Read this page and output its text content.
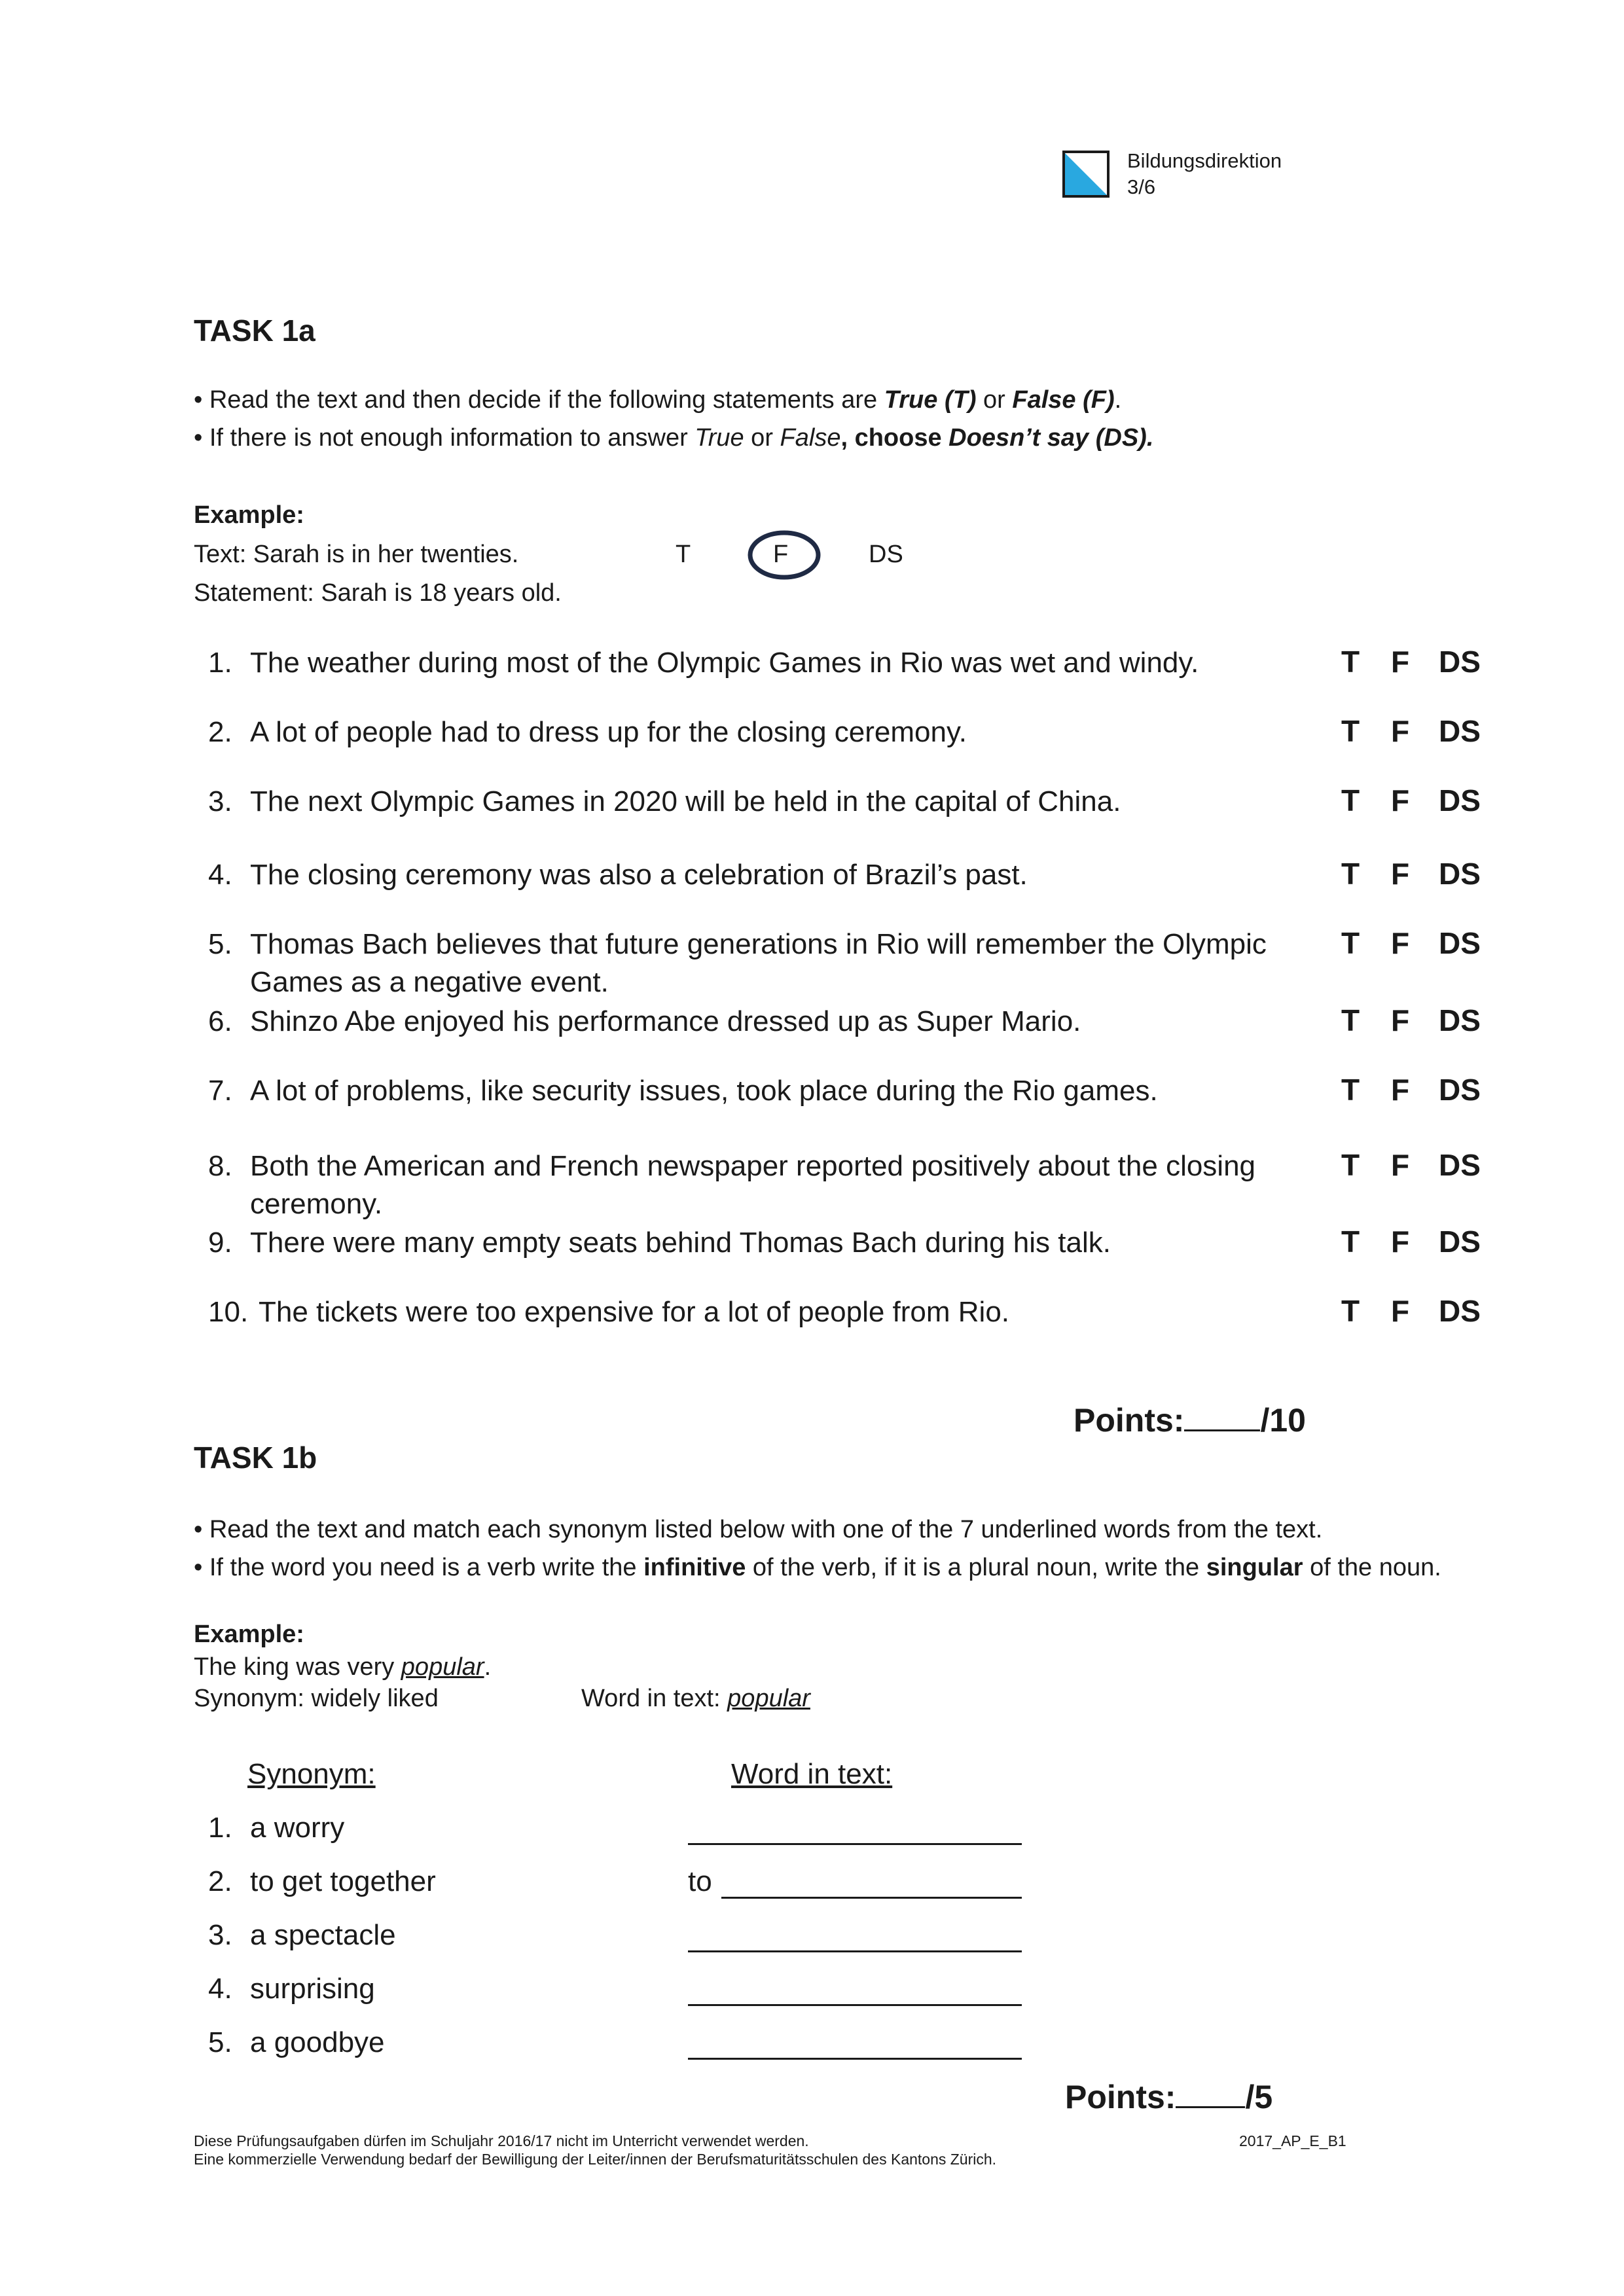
Bildungsdirektion
3/6
TASK 1a
• Read the text and then decide if the following statements are True (T) or False (F).
• If there is not enough information to answer True or False, choose Doesn’t say (DS).
Example:
Text: Sarah is in her twenties.
Statement: Sarah is 18 years old.
T	F	DS
1. The weather during most of the Olympic Games in Rio was wet and windy.	T F DS
2. A lot of people had to dress up for the closing ceremony.	T F DS
3. The next Olympic Games in 2020 will be held in the capital of China.	T F DS
4. The closing ceremony was also a celebration of Brazil’s past.	T F DS
5. Thomas Bach believes that future generations in Rio will remember the Olympic
Games as a negative event.
T F DS
6. Shinzo Abe enjoyed his performance dressed up as Super Mario.	T F DS
7. A lot of problems, like security issues, took place during the Rio games.	T F DS
8. Both the American and French newspaper reported positively about the closing
ceremony.
T F DS
9. There were many empty seats behind Thomas Bach during his talk.	T F DS
10. The tickets were too expensive for a lot of people from Rio.	T F DS
Points: /10
TASK 1b
• Read the text and match each synonym listed below with one of the 7 underlined words from the text.
• If the word you need is a verb write the infinitive of the verb, if it is a plural noun, write the singular of the noun.
Example:
The king was very popular.
Synonym: widely liked	Word in text: popular
Synonym:	Word in text:
1. a worry
2. to get together	to
3. a spectacle
4. surprising
5. a goodbye
Points: /5
Diese Prüfungsaufgaben dürfen im Schuljahr 2016/17 nicht im Unterricht verwendet werden.
Eine kommerzielle Verwendung bedarf der Bewilligung der Leiter/innen der Berufsmaturitätsschulen des Kantons Zürich.
2017_AP_E_B1
